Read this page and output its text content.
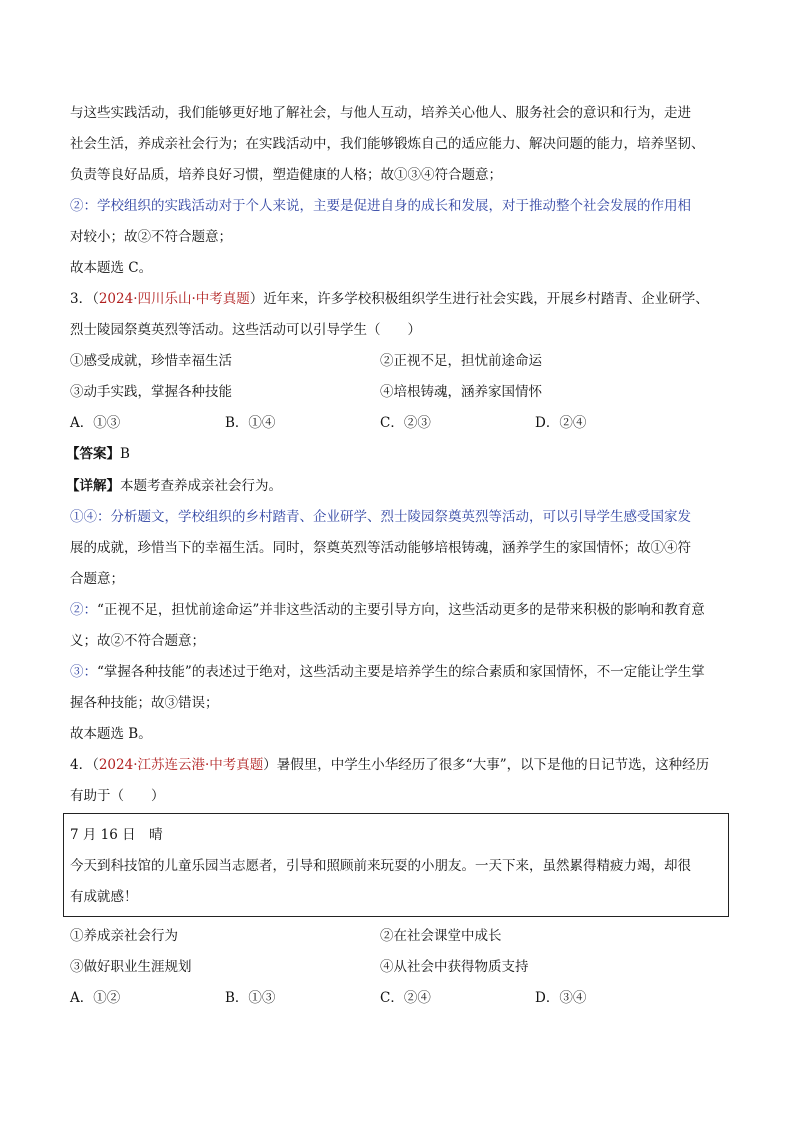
与这些实践活动，我们能够更好地了解社会，与他人互动，培养关心他人、服务社会的意识和行为，走进
社会生活，养成亲社会行为；在实践活动中，我们能够锻炼自己的适应能力、解决问题的能力，培养坚韧、
负责等良好品质，培养良好习惯，塑造健康的人格；故①③④符合题意；
②：学校组织的实践活动对于个人来说，主要是促进自身的成长和发展，对于推动整个社会发展的作用相
对较小；故②不符合题意；
故本题选 C。
3．（2024·四川乐山·中考真题）近年来，许多学校积极组织学生进行社会实践，开展乡村踏青、企业研学、
烈士陵园祭奠英烈等活动。这些活动可以引导学生（　　）
①感受成就，珍惜幸福生活	②正视不足，担忧前途命运
③动手实践，掌握各种技能	④培根铸魂，涵养家国情怀
A．①③	B．①④	C．②③	D．②④
【答案】B
【详解】本题考查养成亲社会行为。
①④：分析题文，学校组织的乡村踏青、企业研学、烈士陵园祭奠英烈等活动，可以引导学生感受国家发
展的成就，珍惜当下的幸福生活。同时，祭奠英烈等活动能够培根铸魂，涵养学生的家国情怀；故①④符
合题意；
②：“正视不足，担忧前途命运”并非这些活动的主要引导方向，这些活动更多的是带来积极的影响和教育意
义；故②不符合题意；
③：“掌握各种技能”的表述过于绝对，这些活动主要是培养学生的综合素质和家国情怀，不一定能让学生掌
握各种技能；故③错误；
故本题选 B。
4．（2024·江苏连云港·中考真题）暑假里，中学生小华经历了很多“大事”，以下是他的日记节选，这种经历
有助于（　　）
7 月 16 日　晴
今天到科技馆的儿童乐园当志愿者，引导和照顾前来玩耍的小朋友。一天下来，虽然累得精疲力竭，却很
有成就感！
①养成亲社会行为	②在社会课堂中成长
③做好职业生涯规划	④从社会中获得物质支持
A．①②	B．①③	C．②④	D．③④
